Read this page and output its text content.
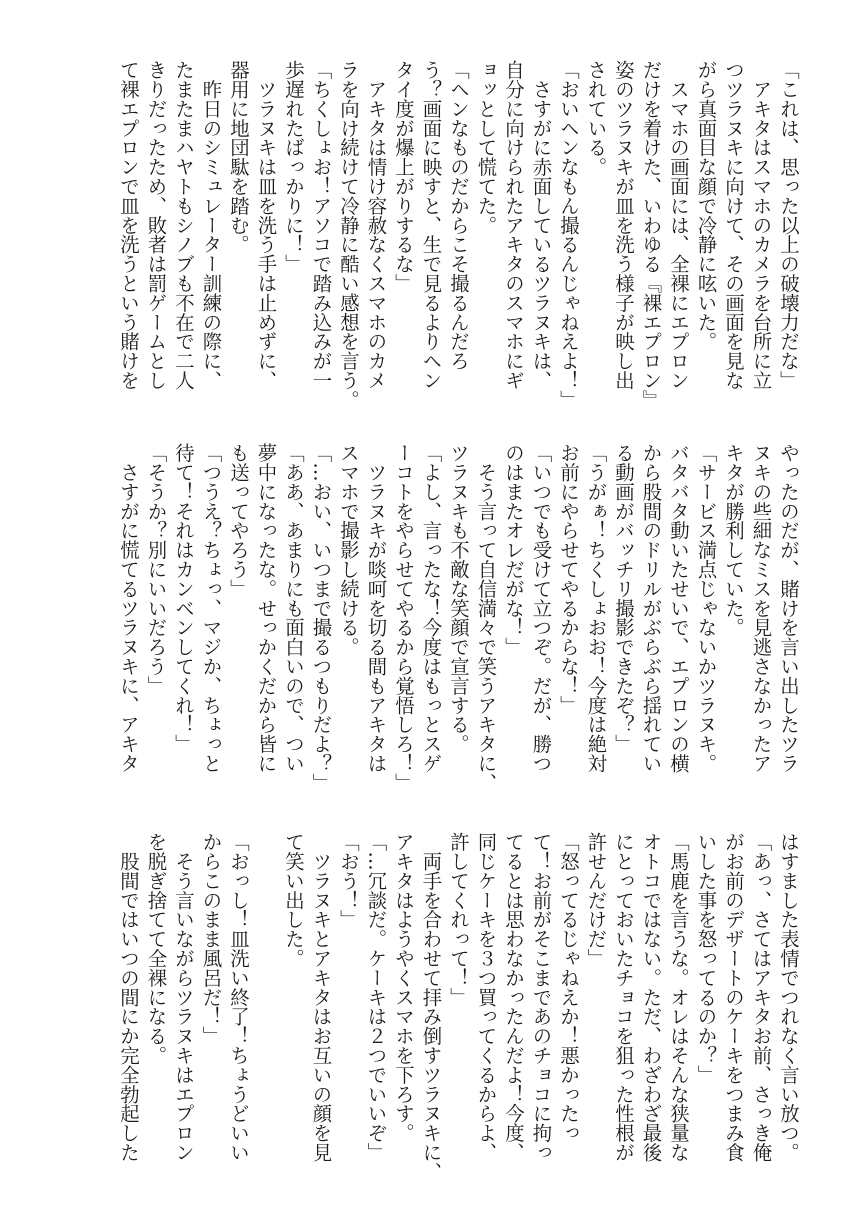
「これは、思った以上の破壊力だな」
　アキタはスマホのカメラを台所に立
つツラヌキに向けて、その画面を見な
がら真面目な顔で冷静に呟いた。
　スマホの画面には、全裸にエプロン
だけを着けた、いわゆる『裸エプロン』
姿のツラヌキが皿を洗う様子が映し出
されている。
「おいヘンなもん撮るんじゃねえよ！」
　さすがに赤面しているツラヌキは、
自分に向けられたアキタのスマホにギ
ョッとして慌てた。
「ヘンなものだからこそ撮るんだろ
う？画面に映すと、生で見るよりヘン
タイ度が爆上がりするな」
　アキタは情け容赦なくスマホのカメ
ラを向け続けて冷静に酷い感想を言う。
「ちくしょお！アソコで踏み込みが一
歩遅れたばっかりに！」
　ツラヌキは皿を洗う手は止めずに、
器用に地団駄を踏む。
　昨日のシミュレーター訓練の際に、
たまたまハヤトもシノブも不在で二人
きりだったため、敗者は罰ゲームとし
て裸エプロンで皿を洗うという賭けを
やったのだが、賭けを言い出したツラ
ヌキの些細なミスを見逃さなかったア
キタが勝利していた。
「サービス満点じゃないかツラヌキ。
バタバタ動いたせいで、エプロンの横
から股間のドリルがぶらぶら揺れてい
る動画がバッチリ撮影できたぞ？」
「うがぁ！ちくしょおお！今度は絶対
お前にやらせてやるからな！」
「いつでも受けて立つぞ。だが、勝つ
のはまたオレだがな！」
　そう言って自信満々で笑うアキタに、
ツラヌキも不敵な笑顔で宣言する。
「よし、言ったな！今度はもっとスゲ
ーコトをやらせてやるから覚悟しろ！」
　ツラヌキが啖呵を切る間もアキタは
スマホで撮影し続ける。
「…おい、いつまで撮るつもりだよ？」
「ああ、あまりにも面白いので、つい
夢中になったな。せっかくだから皆に
も送ってやろう」
「つうえ？ちょっ、マジか、ちょっと
待て！それはカンベンしてくれ！」
「そうか？別にいいだろう」
　さすがに慌てるツラヌキに、アキタ
はすました表情でつれなく言い放つ。
「あっ、さてはアキタお前、さっき俺
がお前のデザートのケーキをつまみ食
いした事を怒ってるのか？」
「馬鹿を言うな。オレはそんな狭量な
オトコではない。ただ、わざわざ最後
にとっておいたチョコを狙った性根が
許せんだけだ」
「怒ってるじゃねえか！悪かったっ
て！お前がそこまであのチョコに拘っ
てるとは思わなかったんだよ！今度、
同じケーキを３つ買ってくるからよ、
許してくれって！」
　両手を合わせて拝み倒すツラヌキに、
アキタはようやくスマホを下ろす。
「…冗談だ。ケーキは２つでいいぞ」
「おう！」
　ツラヌキとアキタはお互いの顔を見
て笑い出した。
「おっし！皿洗い終了！ちょうどいい
からこのまま風呂だ！」
　そう言いながらツラヌキはエプロン
を脱ぎ捨てて全裸になる。
　股間ではいつの間にか完全勃起した
